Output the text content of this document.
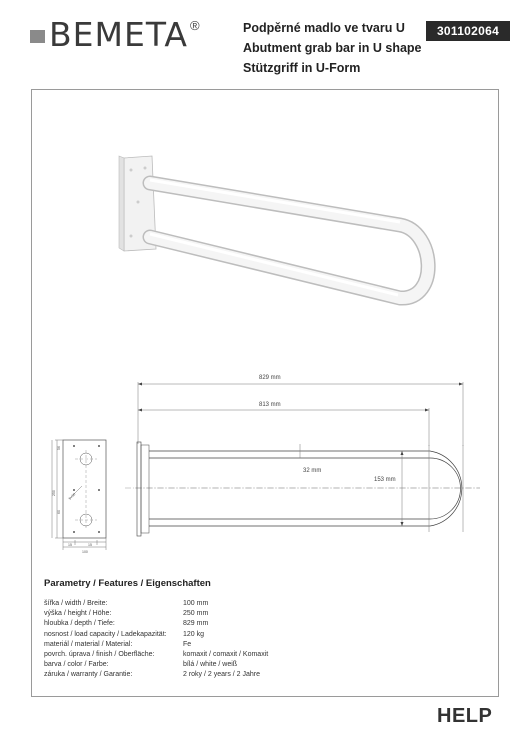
BEMETA ®	Podpěrné madlo ve tvaru U
Abutment grab bar in U shape
Stützgriff in U-Form
301102064
829 mm
813 mm
32 mm
153 mm
56
250
60
5×60
15	15
100
Parametry / Features / Eigenschaften
šířka / width / Breite:	100 mm
výška / height / Höhe:	250 mm
hloubka / depth / Tiefe:	829 mm
nosnost / load capacity / Ladekapazität:	120 kg
materiál / material / Material:	Fe
povrch. úprava / finish / Oberfläche:	komaxit / comaxit / Komaxit
barva / color / Farbe:	bílá / white / weiß
záruka / warranty / Garantie:	2 roky / 2 years / 2 Jahre
HELP
